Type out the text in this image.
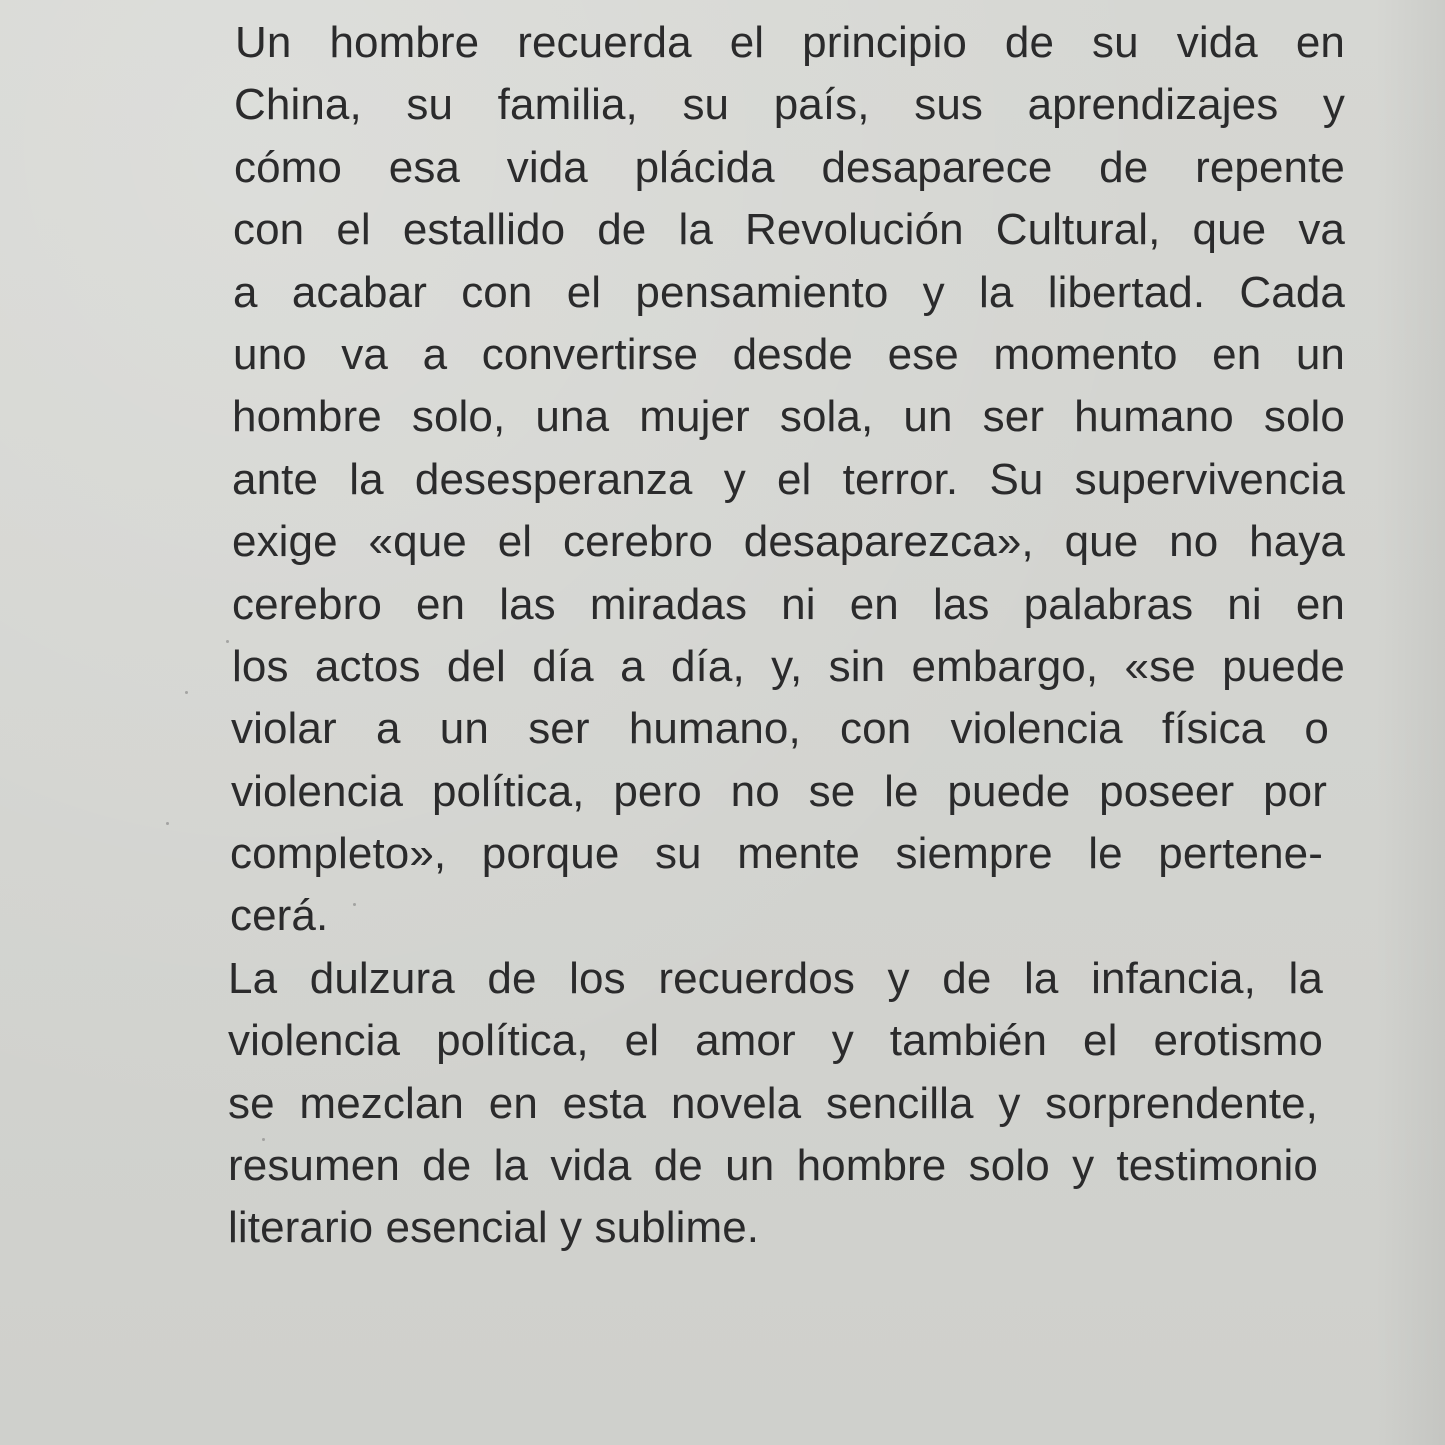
Un hombre recuerda el principio de su vida en
China, su familia, su país, sus aprendizajes y
cómo esa vida plácida desaparece de repente
con el estallido de la Revolución Cultural, que va
a acabar con el pensamiento y la libertad. Cada
uno va a convertirse desde ese momento en un
hombre solo, una mujer sola, un ser humano solo
ante la desesperanza y el terror. Su supervivencia
exige «que el cerebro desaparezca», que no haya
cerebro en las miradas ni en las palabras ni en
los actos del día a día, y, sin embargo, «se puede
violar a un ser humano, con violencia física o
violencia política, pero no se le puede poseer por
completo», porque su mente siempre le pertene-
cerá.
La dulzura de los recuerdos y de la infancia, la
violencia política, el amor y también el erotismo
se mezclan en esta novela sencilla y sorprendente,
resumen de la vida de un hombre solo y testimonio
literario esencial y sublime.
